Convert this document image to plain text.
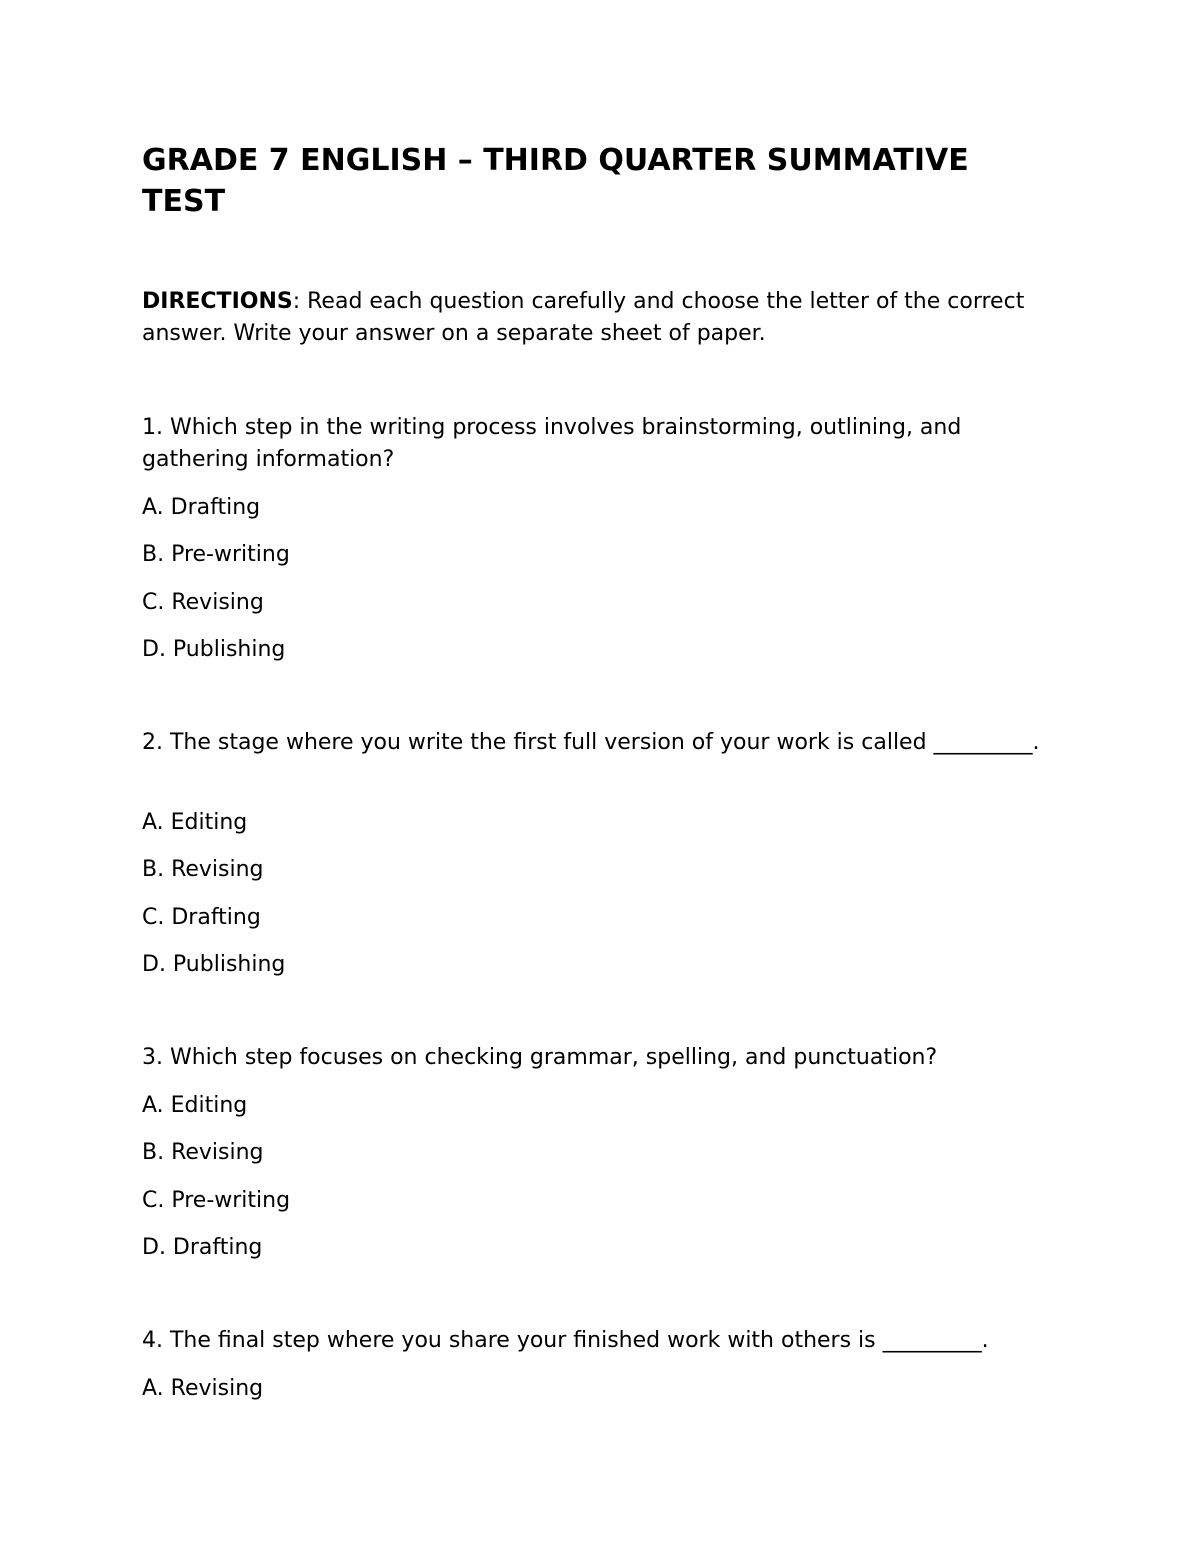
GRADE 7 ENGLISH – THIRD QUARTER SUMMATIVE TEST

DIRECTIONS: Read each question carefully and choose the letter of the correct answer. Write your answer on a separate sheet of paper.

1. Which step in the writing process involves brainstorming, outlining, and gathering information?

A. Drafting

B. Pre-writing

C. Revising

D. Publishing

2. The stage where you write the first full version of your work is called _________.

A. Editing

B. Revising

C. Drafting

D. Publishing

3. Which step focuses on checking grammar, spelling, and punctuation?

A. Editing

B. Revising

C. Pre-writing

D. Drafting

4. The final step where you share your finished work with others is _________.

A. Revising
